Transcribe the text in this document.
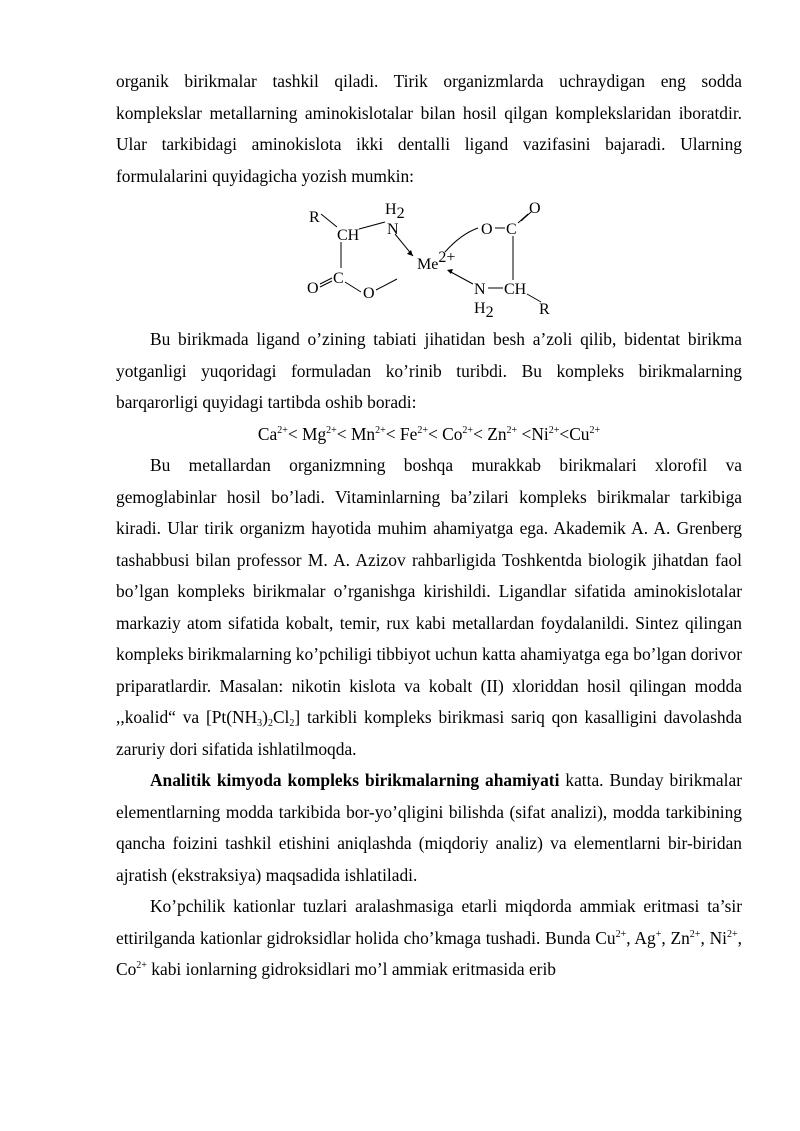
organik birikmalar tashkil qiladi. Tirik organizmlarda uchraydigan eng sodda komplekslar metallarning aminokislotalar bilan hosil qilgan komplekslaridan iboratdir. Ular tarkibidagi aminokislota ikki dentalli ligand vazifasini bajaradi. Ularning formulalarini quyidagicha yozish mumkin:

R	H2
N
CH
C
O	O
Me2+
O C
O
N CH
H2	R

Bu birikmada ligand o’zining tabiati jihatidan besh a’zoli qilib, bidentat birikma yotganligi yuqoridagi formuladan ko’rinib turibdi. Bu kompleks birikmalarning barqarorligi quyidagi tartibda oshib boradi:

$Ca^{2+}< Mg^{2+}< Mn^{2+}< Fe^{2+}< Co^{2+}< Zn^{2+} <Ni^{2+}<Cu^{2+}$

Bu metallardan organizmning boshqa murakkab birikmalari xlorofil va gemoglabinlar hosil bo’ladi. Vitaminlarning ba’zilari kompleks birikmalar tarkibiga kiradi. Ular tirik organizm hayotida muhim ahamiyatga ega. Akademik A. A. Grenberg tashabbusi bilan professor M. A. Azizov rahbarligida Toshkentda biologik jihatdan faol bo’lgan kompleks birikmalar o’rganishga kirishildi. Ligandlar sifatida aminokislotalar markaziy atom sifatida kobalt, temir, rux kabi metallardan foydalanildi. Sintez qilingan kompleks birikmalarning ko’pchiligi tibbiyot uchun katta ahamiyatga ega bo’lgan dorivor priparatlardir. Masalan: nikotin kislota va kobalt (II) xloriddan hosil qilingan modda ,,koalid“ va $[Pt(NH_3)_2Cl_2]$ tarkibli kompleks birikmasi sariq qon kasalligini davolashda zaruriy dori sifatida ishlatilmoqda.

Analitik kimyoda kompleks birikmalarning ahamiyati katta. Bunday birikmalar elementlarning modda tarkibida bor-yo’qligini bilishda (sifat analizi), modda tarkibining qancha foizini tashkil etishini aniqlashda (miqdoriy analiz) va elementlarni bir-biridan ajratish (ekstraksiya) maqsadida ishlatiladi.

Ko’pchilik kationlar tuzlari aralashmasiga etarli miqdorda ammiak eritmasi ta’sir ettirilganda kationlar gidroksidlar holida cho’kmaga tushadi. Bunda $Cu^{2+}$, Ag+, $Zn^{2+}$, $Ni^{2+}$, $Co^{2+}$ kabi ionlarning gidroksidlari mo’l ammiak eritmasida erib
